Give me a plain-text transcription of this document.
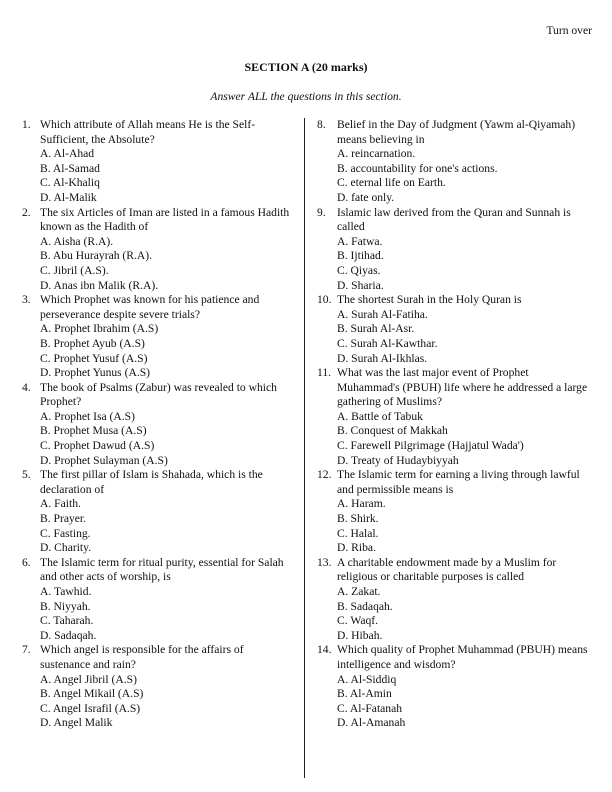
Turn over
SECTION A (20 marks)
Answer ALL the questions in this section.
1. Which attribute of Allah means He is the Self-Sufficient, the Absolute?
A. Al-Ahad
B. Al-Samad
C. Al-Khaliq
D. Al-Malik
2. The six Articles of Iman are listed in a famous Hadith known as the Hadith of
A. Aisha (R.A).
B. Abu Hurayrah (R.A).
C. Jibril (A.S).
D. Anas ibn Malik (R.A).
3. Which Prophet was known for his patience and perseverance despite severe trials?
A. Prophet Ibrahim (A.S)
B. Prophet Ayub (A.S)
C. Prophet Yusuf (A.S)
D. Prophet Yunus (A.S)
4. The book of Psalms (Zabur) was revealed to which Prophet?
A. Prophet Isa (A.S)
B. Prophet Musa (A.S)
C. Prophet Dawud (A.S)
D. Prophet Sulayman (A.S)
5. The first pillar of Islam is Shahada, which is the declaration of
A. Faith.
B. Prayer.
C. Fasting.
D. Charity.
6. The Islamic term for ritual purity, essential for Salah and other acts of worship, is
A. Tawhid.
B. Niyyah.
C. Taharah.
D. Sadaqah.
7. Which angel is responsible for the affairs of sustenance and rain?
A. Angel Jibril (A.S)
B. Angel Mikail (A.S)
C. Angel Israfil (A.S)
D. Angel Malik
8. Belief in the Day of Judgment (Yawm al-Qiyamah) means believing in
A. reincarnation.
B. accountability for one's actions.
C. eternal life on Earth.
D. fate only.
9. Islamic law derived from the Quran and Sunnah is called
A. Fatwa.
B. Ijtihad.
C. Qiyas.
D. Sharia.
10. The shortest Surah in the Holy Quran is
A. Surah Al-Fatiha.
B. Surah Al-Asr.
C. Surah Al-Kawthar.
D. Surah Al-Ikhlas.
11. What was the last major event of Prophet Muhammad's (PBUH) life where he addressed a large gathering of Muslims?
A. Battle of Tabuk
B. Conquest of Makkah
C. Farewell Pilgrimage (Hajjatul Wada')
D. Treaty of Hudaybiyyah
12. The Islamic term for earning a living through lawful and permissible means is
A. Haram.
B. Shirk.
C. Halal.
D. Riba.
13. A charitable endowment made by a Muslim for religious or charitable purposes is called
A. Zakat.
B. Sadaqah.
C. Waqf.
D. Hibah.
14. Which quality of Prophet Muhammad (PBUH) means intelligence and wisdom?
A. Al-Siddiq
B. Al-Amin
C. Al-Fatanah
D. Al-Amanah
